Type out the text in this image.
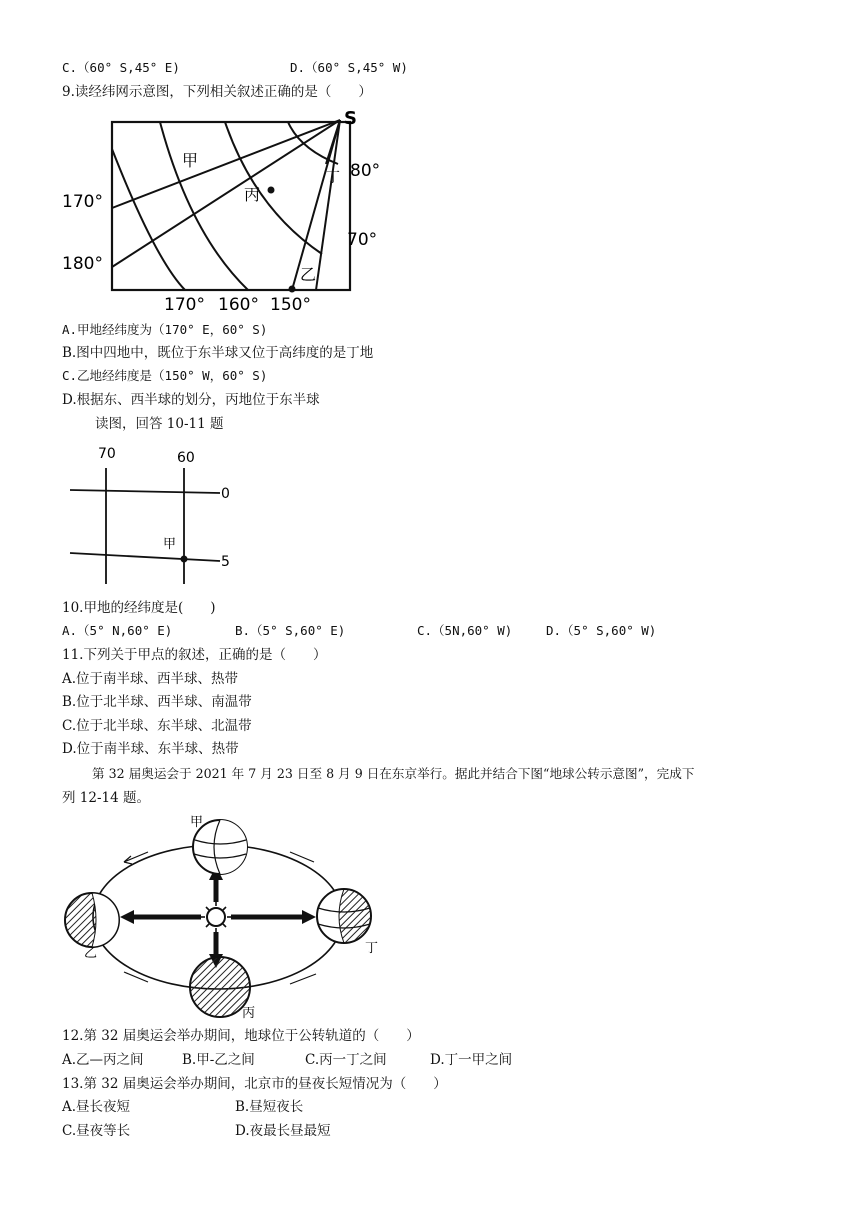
C.（60° S,45° E)	D.（60° S,45° W)
9.读经纬网示意图，下列相关叙述正确的是（　　）
S
170°
180°
80°
70°
170° 160° 150°
甲
丙
乙
丁
A.甲地经纬度为（170° E，60° S)
B.图中四地中，既位于东半球又位于高纬度的是丁地
C.乙地经纬度是（150° W，60° S)
D.根据东、西半球的划分，丙地位于东半球
读图，回答 10-11 题
70	60
0
5
甲
10.甲地的经纬度是(　　)
A.（5° N,60° E)	B.（5° S,60° E)	C.（5N,60° W)	D.（5° S,60° W)
11.下列关于甲点的叙述，正确的是（　　）
A.位于南半球、西半球、热带
B.位于北半球、西半球、南温带
C.位于北半球、东半球、北温带
D.位于南半球、东半球、热带
第 32 届奥运会于 2021 年 7 月 23 日至 8 月 9 日在东京举行。据此并结合下图“地球公转示意图”，完成下
列 12-14 题。
甲
乙
丙
丁
12.第 32 届奥运会举办期间，地球位于公转轨道的（　　）
A.乙—丙之间	B.甲-乙之间	C.丙一丁之间	D.丁一甲之间
13.第 32 届奥运会举办期间，北京市的昼夜长短情况为（　　）
A.昼长夜短	B.昼短夜长
C.昼夜等长	D.夜最长昼最短
